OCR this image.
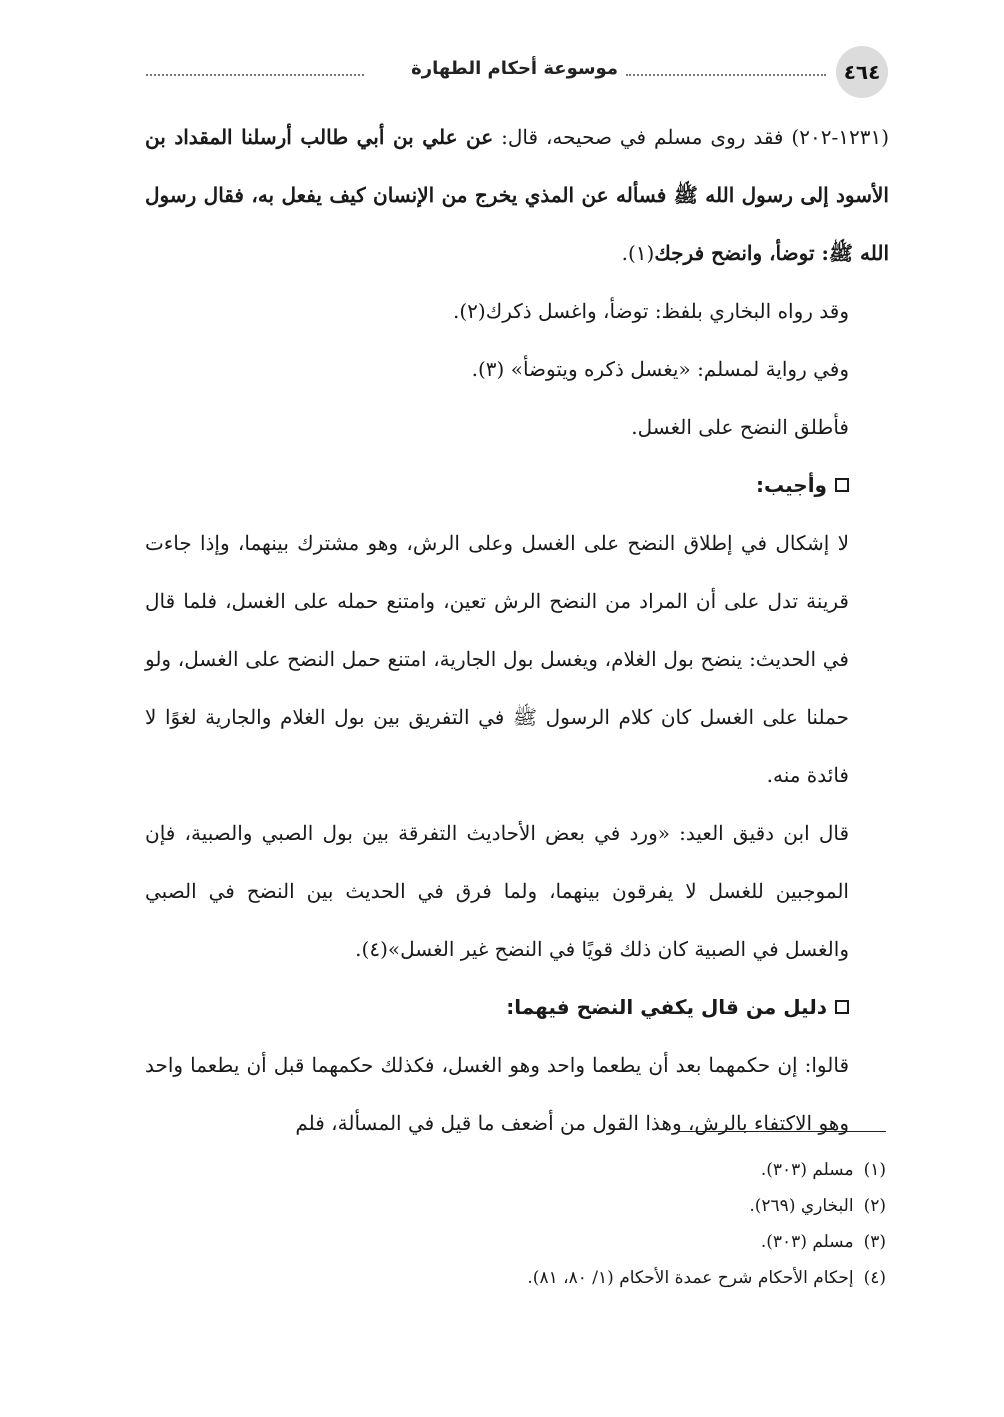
موسوعة أحكام الطهارة	٤٦٤

(١٢٣١-٢٠٢) فقد روى مسلم في صحيحه، قال: عن علي بن أبي طالب أرسلنا المقداد بن الأسود إلى رسول الله ﷺ فسأله عن المذي يخرج من الإنسان كيف يفعل به، فقال رسول الله ﷺ: توضأ، وانضح فرجك(١).

وقد رواه البخاري بلفظ: توضأ، واغسل ذكرك(٢).

وفي رواية لمسلم: «يغسل ذكره ويتوضأ» (٣).

فأطلق النضح على الغسل.

وأجيب:

لا إشكال في إطلاق النضح على الغسل وعلى الرش، وهو مشترك بينهما، وإذا جاءت قرينة تدل على أن المراد من النضح الرش تعين، وامتنع حمله على الغسل، فلما قال في الحديث: ينضح بول الغلام، ويغسل بول الجارية، امتنع حمل النضح على الغسل، ولو حملنا على الغسل كان كلام الرسول ﷺ في التفريق بين بول الغلام والجارية لغوًا لا فائدة منه.

قال ابن دقيق العيد: «ورد في بعض الأحاديث التفرقة بين بول الصبي والصبية، فإن الموجبين للغسل لا يفرقون بينهما، ولما فرق في الحديث بين النضح في الصبي والغسل في الصبية كان ذلك قويًا في النضح غير الغسل»(٤).

دليل من قال يكفي النضح فيهما:

قالوا: إن حكمهما بعد أن يطعما واحد وهو الغسل، فكذلك حكمهما قبل أن يطعما واحد وهو الاكتفاء بالرش، وهذا القول من أضعف ما قيل في المسألة، فلم

(١)
مسلم (٣٠٣).
(٢)
البخاري (٢٦٩).
(٣)
مسلم (٣٠٣).
(٤)
إحكام الأحكام شرح عمدة الأحكام (١/ ٨٠، ٨١).
